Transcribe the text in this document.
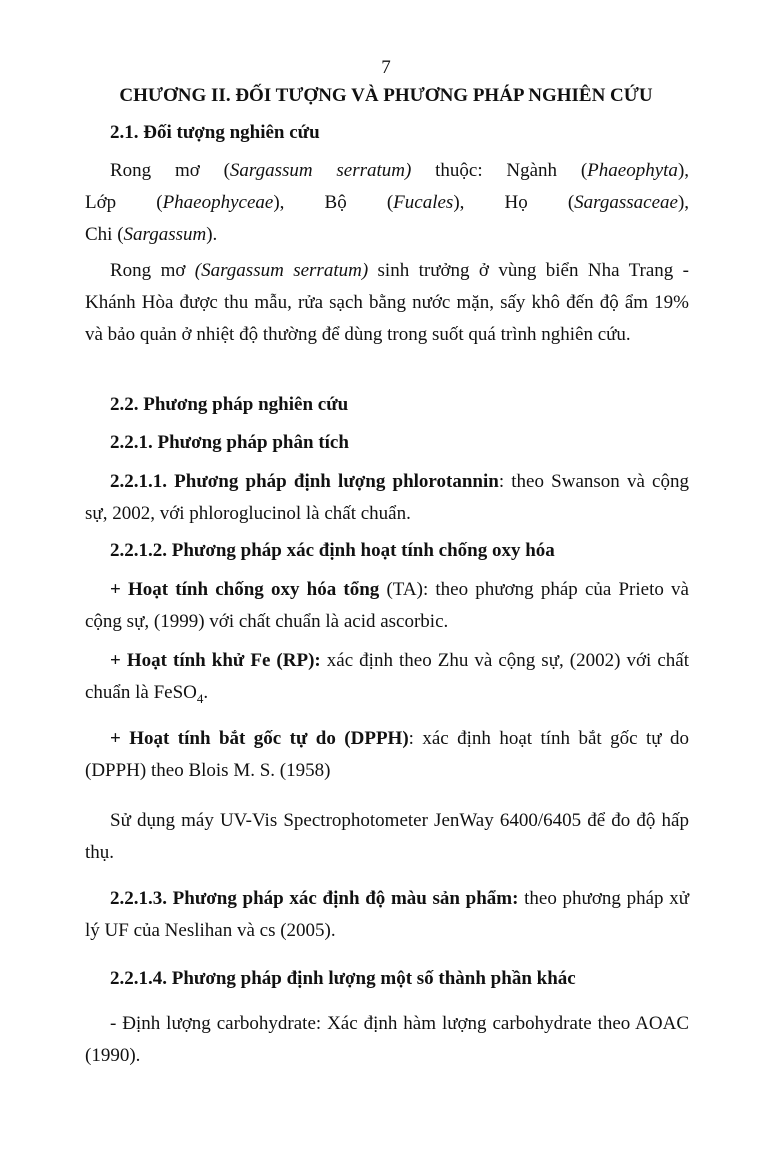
7
CHƯƠNG II. ĐỐI TƯỢNG VÀ PHƯƠNG PHÁP NGHIÊN CỨU
2.1. Đối tượng nghiên cứu
Rong mơ (Sargassum serratum) thuộc: Ngành (Phaeophyta),
Lớp (Phaeophyceae), Bộ (Fucales), Họ (Sargassaceae),
Chi (Sargassum).
Rong mơ (Sargassum serratum) sinh trưởng ở vùng biển Nha Trang - Khánh Hòa được thu mẫu, rửa sạch bằng nước mặn, sấy khô đến độ ẩm 19% và bảo quản ở nhiệt độ thường để dùng trong suốt quá trình nghiên cứu.
2.2. Phương pháp nghiên cứu
2.2.1. Phương pháp phân tích
2.2.1.1. Phương pháp định lượng phlorotannin: theo Swanson và cộng sự, 2002, với phloroglucinol là chất chuẩn.
2.2.1.2. Phương pháp xác định hoạt tính chống oxy hóa
+ Hoạt tính chống oxy hóa tổng (TA): theo phương pháp của Prieto và cộng sự, (1999) với chất chuẩn là acid ascorbic.
+ Hoạt tính khử Fe (RP): xác định theo Zhu và cộng sự, (2002) với chất chuẩn là FeSO$_4$.
+ Hoạt tính bắt gốc tự do (DPPH): xác định hoạt tính bắt gốc tự do (DPPH) theo Blois M. S. (1958)
Sử dụng máy UV-Vis Spectrophotometer JenWay 6400/6405 để đo độ hấp thụ.
2.2.1.3. Phương pháp xác định độ màu sản phẩm: theo phương pháp xử lý UF của Neslihan và cs (2005).
2.2.1.4. Phương pháp định lượng một số thành phần khác
- Định lượng carbohydrate: Xác định hàm lượng carbohydrate theo AOAC (1990).
